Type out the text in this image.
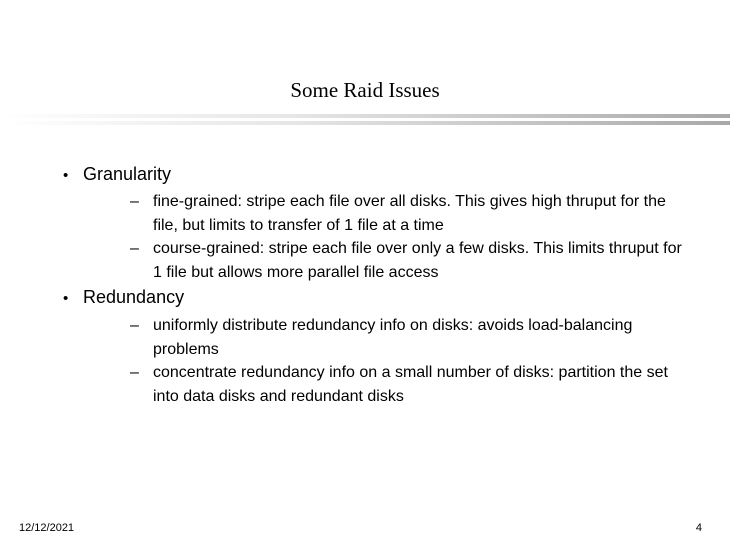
Some Raid Issues
• Granularity
– fine-grained: stripe each file over all disks. This gives high thruput for the file, but limits to transfer of 1 file at a time
– course-grained: stripe each file over only a few disks. This limits thruput for 1 file but allows more parallel file access
• Redundancy
– uniformly distribute redundancy info on disks: avoids load-balancing problems
– concentrate redundancy info on a small number of disks: partition the set into data disks and redundant disks
12/12/2021	4
